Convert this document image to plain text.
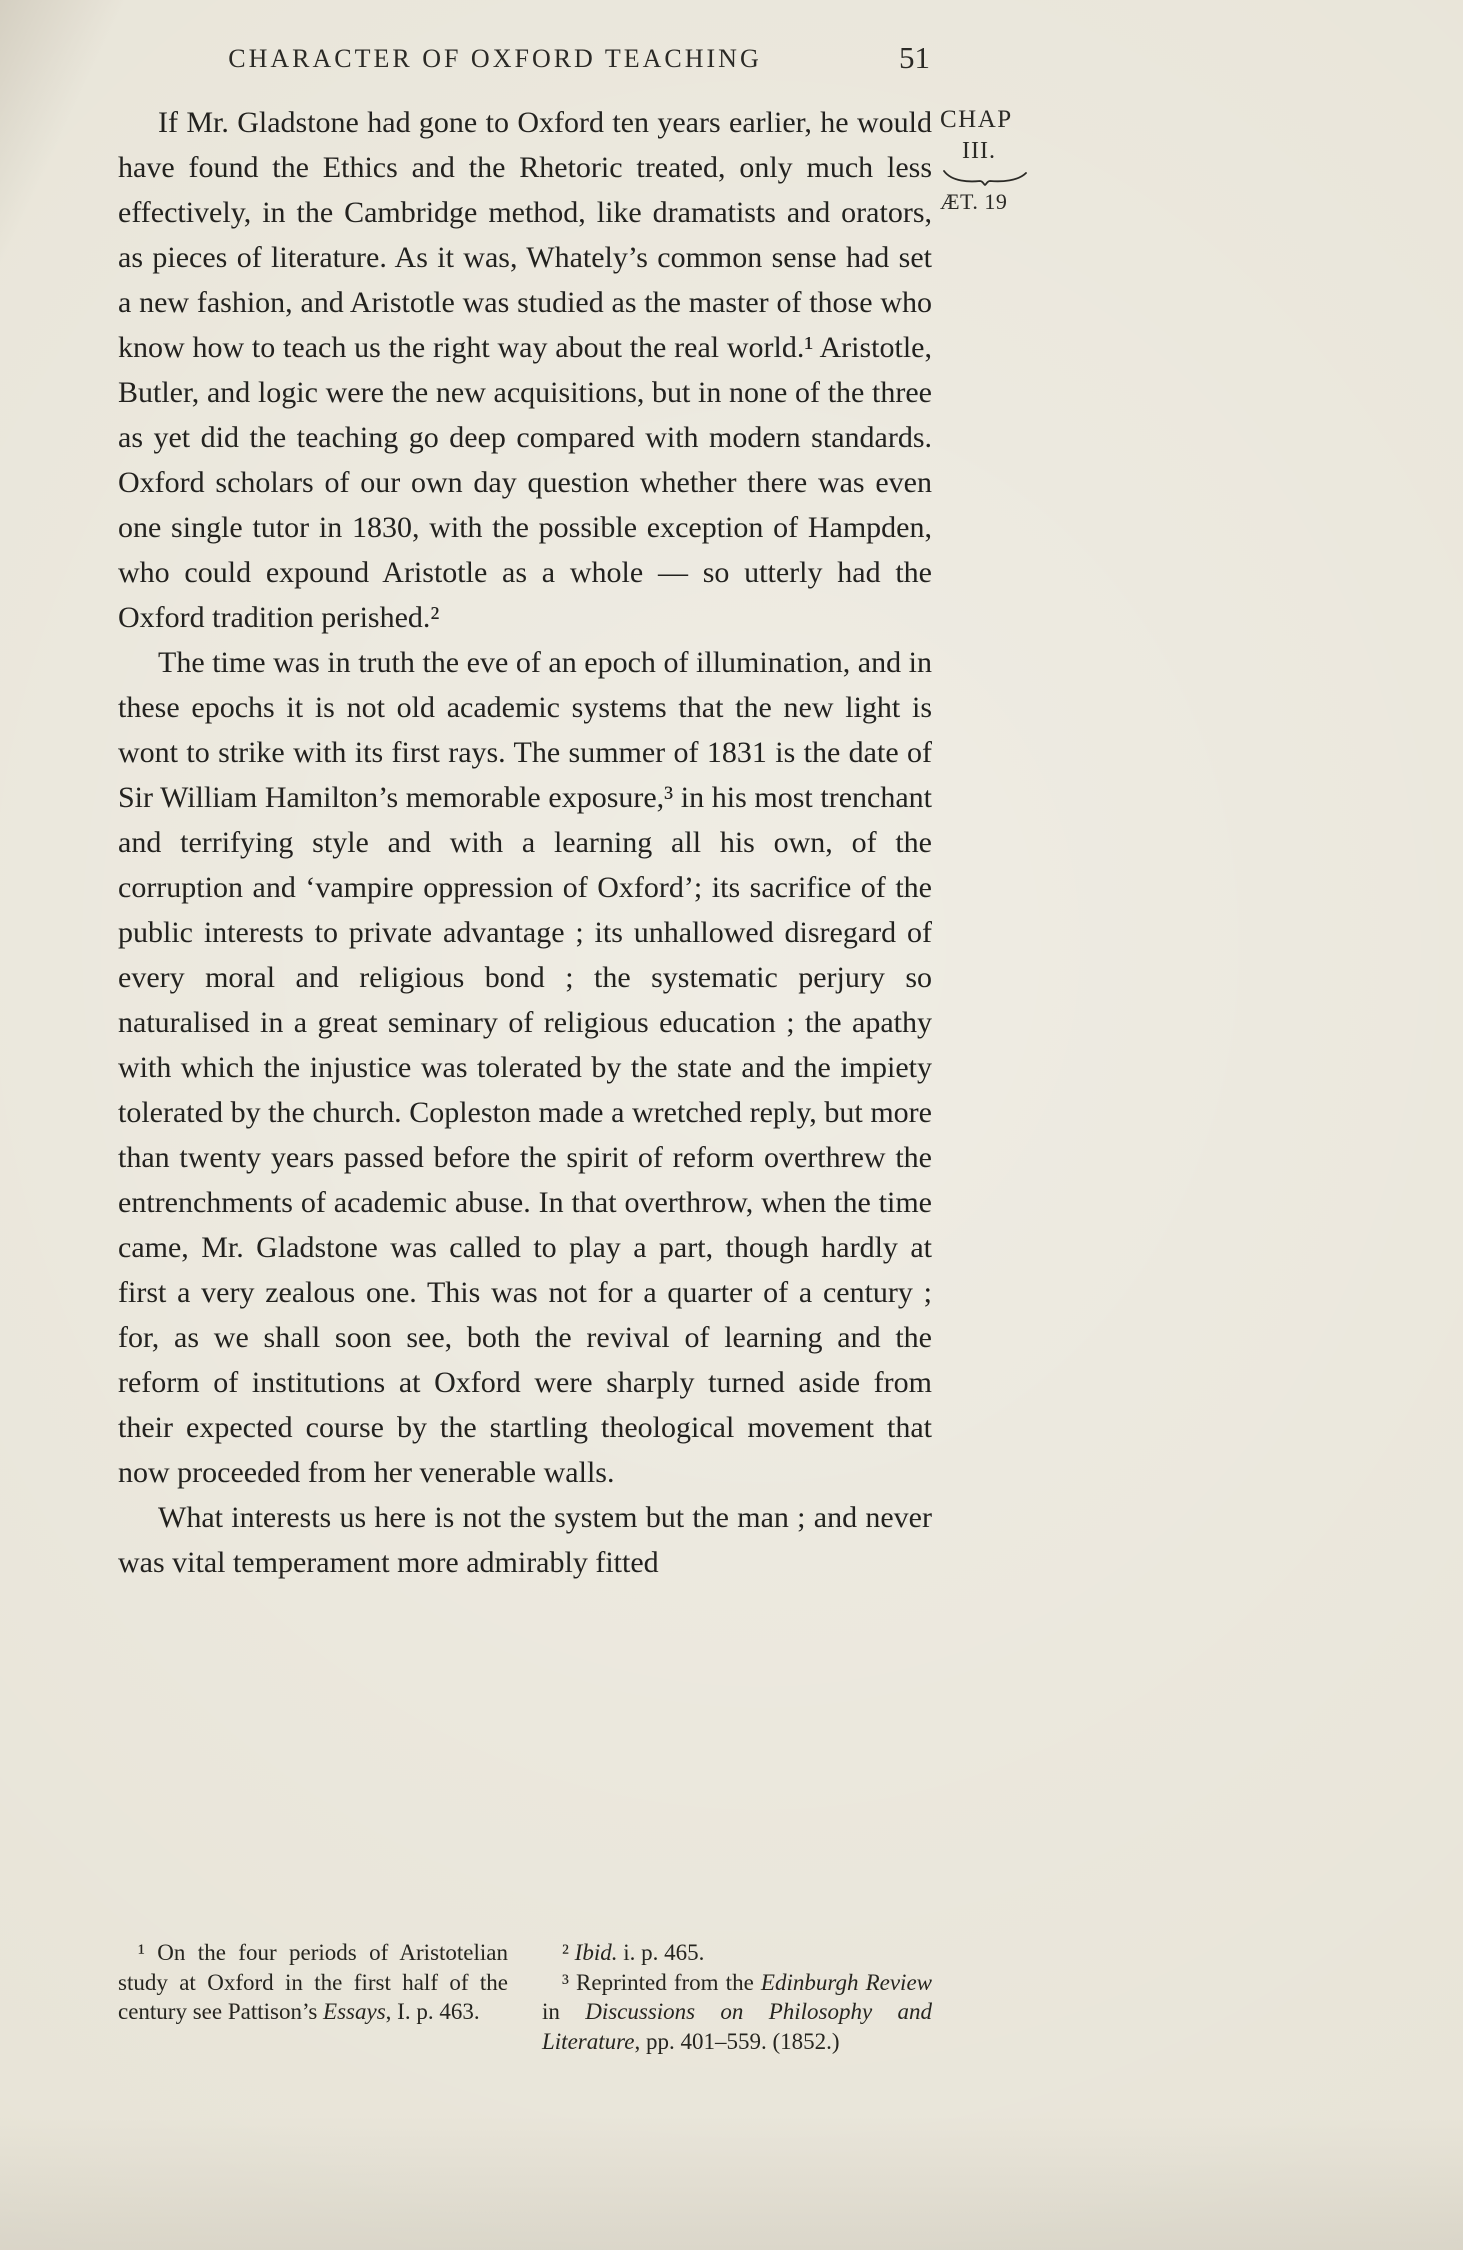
CHARACTER OF OXFORD TEACHING	51

If Mr. Gladstone had gone to Oxford ten years earlier, he would have found the Ethics and the Rhetoric treated, only much less effectively, in the Cambridge method, like dramatists and orators, as pieces of literature. As it was, Whately’s common sense had set a new fashion, and Aristotle was studied as the master of those who know how to teach us the right way about the real world.¹ Aristotle, Butler, and logic were the new acquisitions, but in none of the three as yet did the teaching go deep compared with modern standards. Oxford scholars of our own day question whether there was even one single tutor in 1830, with the possible exception of Hampden, who could expound Aristotle as a whole — so utterly had the Oxford tradition perished.²

The time was in truth the eve of an epoch of illumination, and in these epochs it is not old academic systems that the new light is wont to strike with its first rays. The summer of 1831 is the date of Sir William Hamilton’s memorable exposure,³ in his most trenchant and terrifying style and with a learning all his own, of the corruption and ‘vampire oppression of Oxford’; its sacrifice of the public interests to private advantage ; its unhallowed disregard of every moral and religious bond ; the systematic perjury so naturalised in a great seminary of religious education ; the apathy with which the injustice was tolerated by the state and the impiety tolerated by the church. Copleston made a wretched reply, but more than twenty years passed before the spirit of reform overthrew the entrenchments of academic abuse. In that overthrow, when the time came, Mr. Gladstone was called to play a part, though hardly at first a very zealous one. This was not for a quarter of a century ; for, as we shall soon see, both the revival of learning and the reform of institutions at Oxford were sharply turned aside from their expected course by the startling theological movement that now proceeded from her venerable walls.

What interests us here is not the system but the man ; and never was vital temperament more admirably fitted

CHAP
III.
ÆT. 19

¹ On the four periods of Aristotelian study at Oxford in the first half of the century see Pattison’s Essays, I. p. 463.

² Ibid. i. p. 465.

³ Reprinted from the Edinburgh Review in Discussions on Philosophy and Literature, pp. 401–559. (1852.)
